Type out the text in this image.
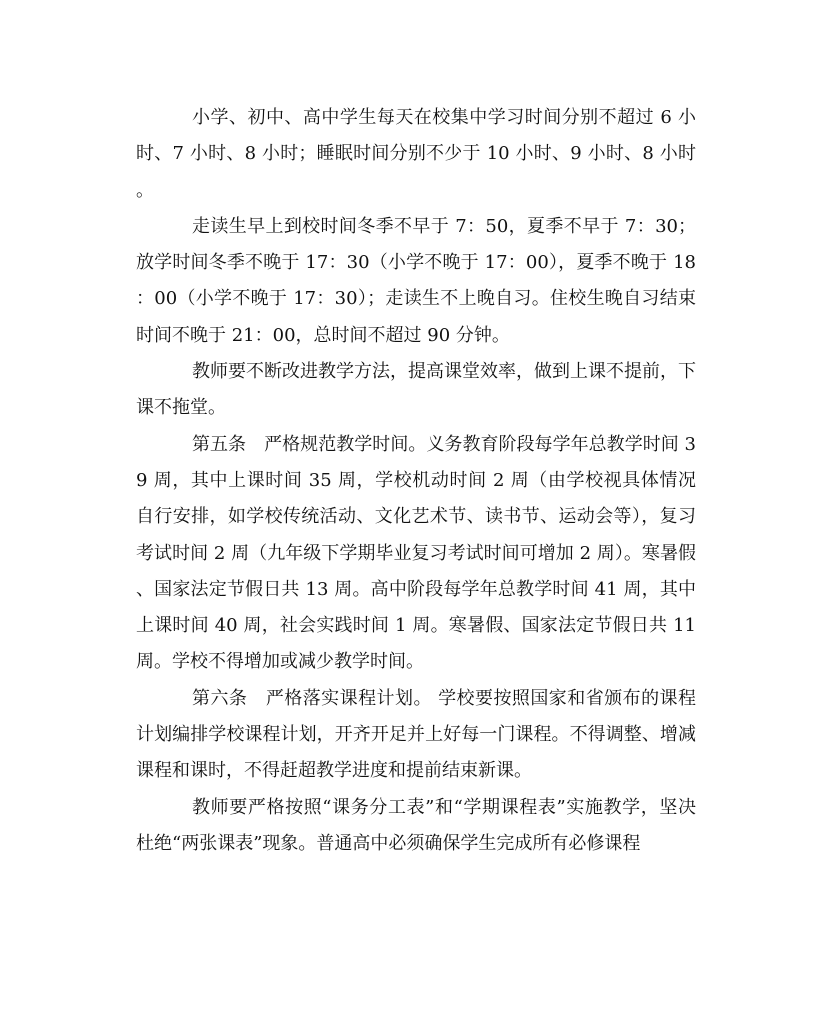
小学、初中、高中学生每天在校集中学习时间分别不超过 6 小时、7 小时、8 小时；睡眠时间分别不少于 10 小时、9 小时、8 小时。

走读生早上到校时间冬季不早于 7：50，夏季不早于 7：30；放学时间冬季不晚于 17：30（小学不晚于 17：00），夏季不晚于 18：00（小学不晚于 17：30）；走读生不上晚自习。住校生晚自习结束时间不晚于 21：00，总时间不超过 90 分钟。

教师要不断改进教学方法，提高课堂效率，做到上课不提前，下课不拖堂。

第五条　严格规范教学时间。义务教育阶段每学年总教学时间 39 周，其中上课时间 35 周，学校机动时间 2 周（由学校视具体情况自行安排，如学校传统活动、文化艺术节、读书节、运动会等），复习考试时间 2 周（九年级下学期毕业复习考试时间可增加 2 周）。寒暑假、国家法定节假日共 13 周。高中阶段每学年总教学时间 41 周，其中上课时间 40 周，社会实践时间 1 周。寒暑假、国家法定节假日共 11 周。学校不得增加或减少教学时间。

第六条　严格落实课程计划。 学校要按照国家和省颁布的课程计划编排学校课程计划，开齐开足并上好每一门课程。不得调整、增减课程和课时，不得赶超教学进度和提前结束新课。

教师要严格按照“课务分工表”和“学期课程表”实施教学，坚决杜绝“两张课表”现象。普通高中必须确保学生完成所有必修课程
